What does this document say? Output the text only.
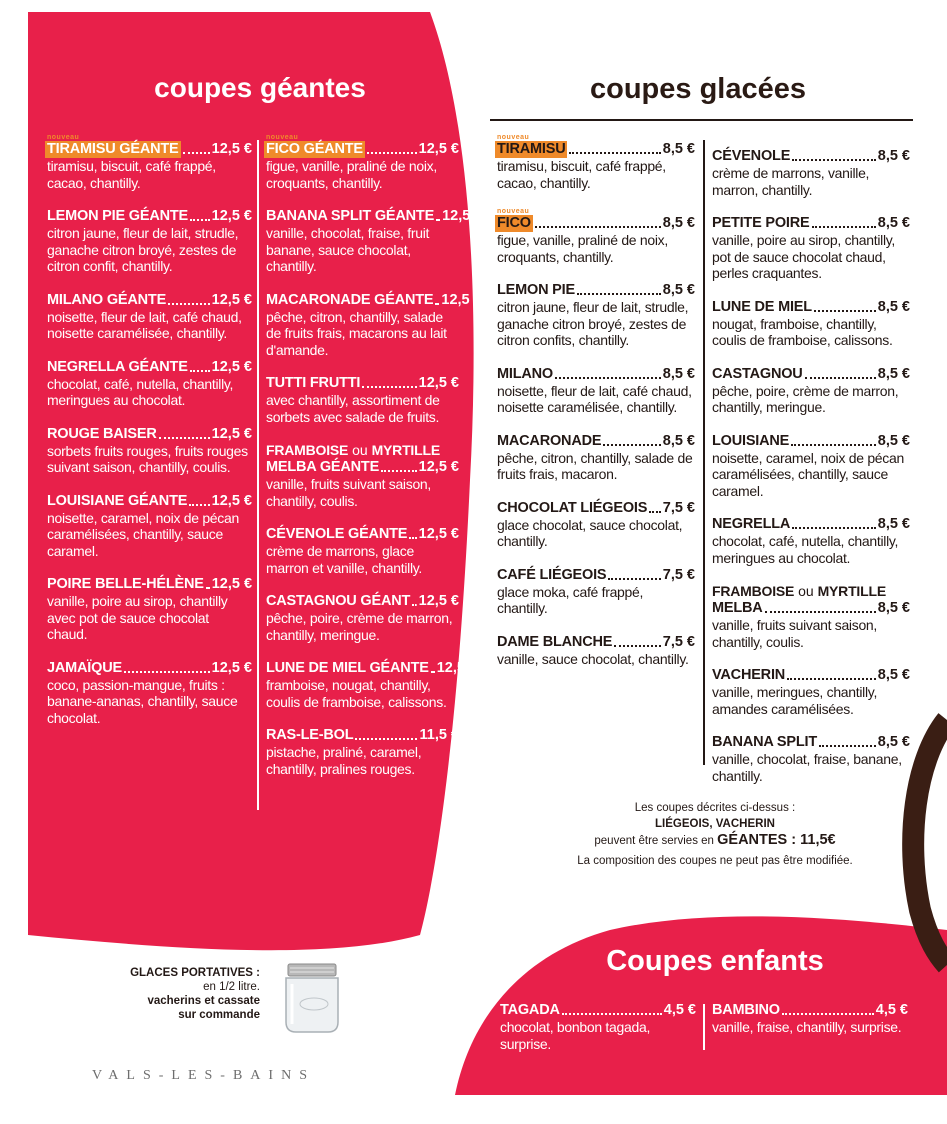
coupes géantes	coupes glacées
nouveau
TIRAMISU GÉANTE 12,5 €
tiramisu, biscuit, café frappé, cacao, chantilly.
LEMON PIE GÉANTE 12,5 €
citron jaune, fleur de lait, strudle, ganache citron broyé, zestes de citron confit, chantilly.
MILANO GÉANTE	12,5 €
noisette, fleur de lait, café chaud, noisette caramélisée, chantilly.
NEGRELLA GÉANTE 12,5 €
chocolat, café, nutella, chantilly, meringues au chocolat.
ROUGE BAISER	12,5 €
sorbets fruits rouges, fruits rouges suivant saison, chantilly, coulis.
LOUISIANE GÉANTE 12,5 €
noisette, caramel, noix de pécan caramélisées, chantilly, sauce caramel.
POIRE BELLE-HÉLÈNE 12,5 €
vanille, poire au sirop, chantilly avec pot de sauce chocolat chaud.
JAMAÏQUE	12,5 €
coco, passion-mangue, fruits : banane-ananas, chantilly, sauce chocolat.
nouveau
FICO GÉANTE	12,5 €
figue, vanille, praliné de noix, croquants, chantilly.
BANANA SPLIT GÉANTE 12,5 €
vanille, chocolat, fraise, fruit banane, sauce chocolat, chantilly.
MACARONADE GÉANTE 12,5 €
pêche, citron, chantilly, salade de fruits frais, macarons au lait d'amande.
TUTTI FRUTTI	12,5 €
avec chantilly, assortiment de sorbets avec salade de fruits.
FRAMBOISE
ou
MYRTILLE
MELBA GÉANTE	12,5 €
vanille, fruits suivant saison, chantilly, coulis.
CÉVENOLE GÉANTE 12,5 €
crème de marrons, glace marron et vanille, chantilly.
CASTAGNOU GÉANT 12,5 €
pêche, poire, crème de marron, chantilly, meringue.
LUNE DE MIEL GÉANTE 12,5 €
framboise, nougat, chantilly, coulis de framboise, calissons.
RAS-LE-BOL	11,5 €
pistache, praliné, caramel, chantilly, pralines rouges.
nouveau
TIRAMISU	8,5 €
tiramisu, biscuit, café frappé, cacao, chantilly.
nouveau
FICO	8,5 €
figue, vanille, praliné de noix, croquants, chantilly.
LEMON PIE	8,5 €
citron jaune, fleur de lait, strudle, ganache citron broyé, zestes de citron confits, chantilly.
MILANO	8,5 €
noisette, fleur de lait, café chaud, noisette caramélisée, chantilly.
MACARONADE	8,5 €
pêche, citron, chantilly, salade de fruits frais, macaron.
CHOCOLAT LIÉGEOIS 7,5 €
glace chocolat, sauce chocolat, chantilly.
CAFÉ LIÉGEOIS	7,5 €
glace moka, café frappé, chantilly.
DAME BLANCHE	7,5 €
vanille, sauce chocolat, chantilly.
CÉVENOLE	8,5 €
crème de marrons, vanille, marron, chantilly.
PETITE POIRE	8,5 €
vanille, poire au sirop, chantilly, pot de sauce chocolat chaud, perles craquantes.
LUNE DE MIEL	8,5 €
nougat, framboise, chantilly, coulis de framboise, calissons.
CASTAGNOU	8,5 €
pêche, poire, crème de marron, chantilly, meringue.
LOUISIANE	8,5 €
noisette, caramel, noix de pécan caramélisées, chantilly, sauce caramel.
NEGRELLA	8,5 €
chocolat, café, nutella, chantilly, meringues au chocolat.
FRAMBOISE
ou
MYRTILLE
MELBA	8,5 €
vanille, fruits suivant saison, chantilly, coulis.
VACHERIN	8,5 €
vanille, meringues, chantilly, amandes caramélisées.
BANANA SPLIT	8,5 €
vanille, chocolat, fraise, banane, chantilly.
Les coupes décrites ci-dessus :
LIÉGEOIS, VACHERIN
peuvent être servies en GÉANTES : 11,5€
La composition des coupes ne peut pas être modifiée.
GLACES PORTATIVES :
en 1/2 litre.
vacherins et cassate
sur commande
VALS-LES-BAINS
Coupes enfants
TAGADA	4,5 €
chocolat, bonbon tagada, surprise.
BAMBINO	4,5 €
vanille, fraise, chantilly, surprise.
